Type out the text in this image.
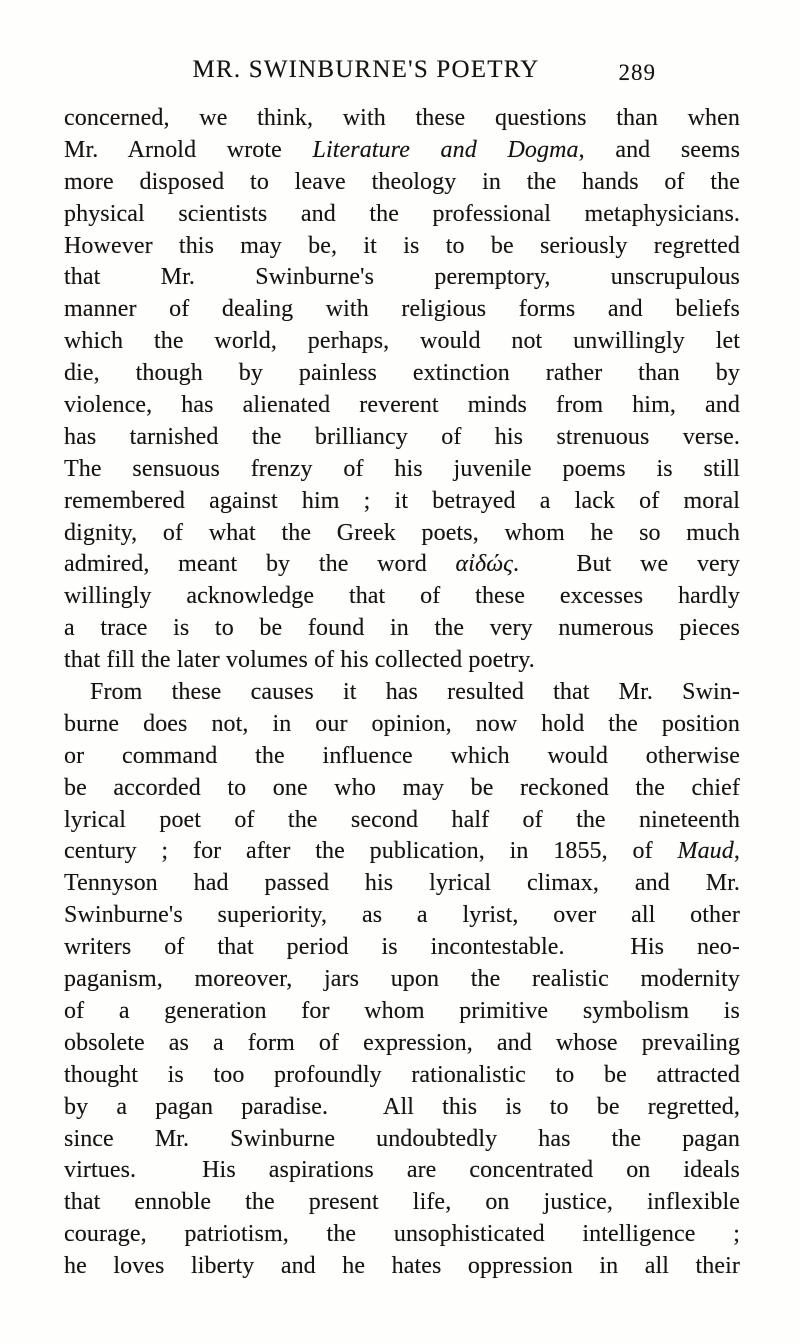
MR. SWINBURNE'S POETRY	289
concerned, we think, with these questions than when
Mr. Arnold wrote Literature and Dogma, and seems
more disposed to leave theology in the hands of the
physical scientists and the professional metaphysicians.
However this may be, it is to be seriously regretted
that Mr. Swinburne's peremptory, unscrupulous
manner of dealing with religious forms and beliefs
which the world, perhaps, would not unwillingly let
die, though by painless extinction rather than by
violence, has alienated reverent minds from him, and
has tarnished the brilliancy of his strenuous verse.
The sensuous frenzy of his juvenile poems is still
remembered against him ; it betrayed a lack of moral
dignity, of what the Greek poets, whom he so much
admired, meant by the word αἰδώς.  But we very
willingly acknowledge that of these excesses hardly
a trace is to be found in the very numerous pieces
that fill the later volumes of his collected poetry.
From these causes it has resulted that Mr. Swin-
burne does not, in our opinion, now hold the position
or command the influence which would otherwise
be accorded to one who may be reckoned the chief
lyrical poet of the second half of the nineteenth
century ; for after the publication, in 1855, of Maud,
Tennyson had passed his lyrical climax, and Mr.
Swinburne's superiority, as a lyrist, over all other
writers of that period is incontestable.  His neo-
paganism, moreover, jars upon the realistic modernity
of a generation for whom primitive symbolism is
obsolete as a form of expression, and whose prevailing
thought is too profoundly rationalistic to be attracted
by a pagan paradise.  All this is to be regretted,
since Mr. Swinburne undoubtedly has the pagan
virtues.  His aspirations are concentrated on ideals
that ennoble the present life, on justice, inflexible
courage, patriotism, the unsophisticated intelligence ;
he loves liberty and he hates oppression in all their
